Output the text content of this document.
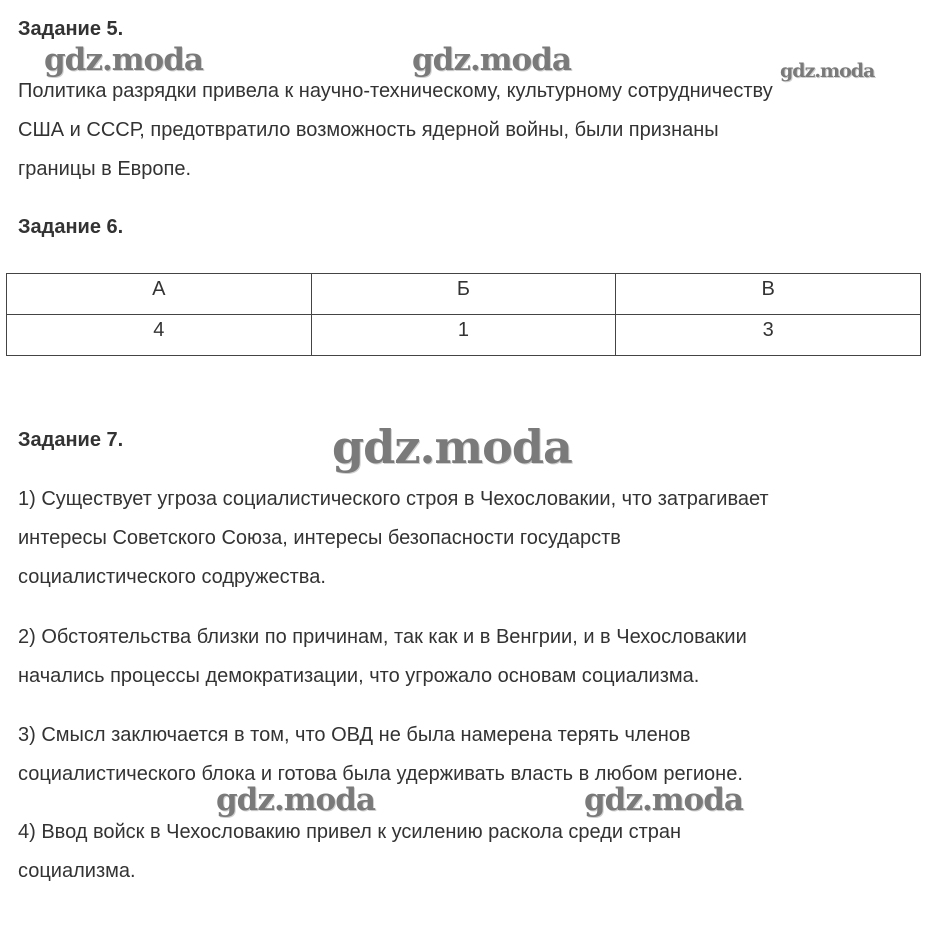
Задание 5.
Политика разрядки привела к научно-техническому, культурному сотрудничеству
США и СССР, предотвратило возможность ядерной войны, были признаны
границы в Европе.
Задание 6.
А	Б	В
4	1	3
Задание 7.
1) Существует угроза социалистического строя в Чехословакии, что затрагивает
интересы Советского Союза, интересы безопасности государств
социалистического содружества.
2) Обстоятельства близки по причинам, так как и в Венгрии, и в Чехословакии
начались процессы демократизации, что угрожало основам социализма.
3) Смысл заключается в том, что ОВД не была намерена терять членов
социалистического блока и готова была удерживать власть в любом регионе.
4) Ввод войск в Чехословакию привел к усилению раскола среди стран
социализма.
gdz.moda	gdz.moda	gdz.moda
gdz.moda
gdz.moda	gdz.moda
